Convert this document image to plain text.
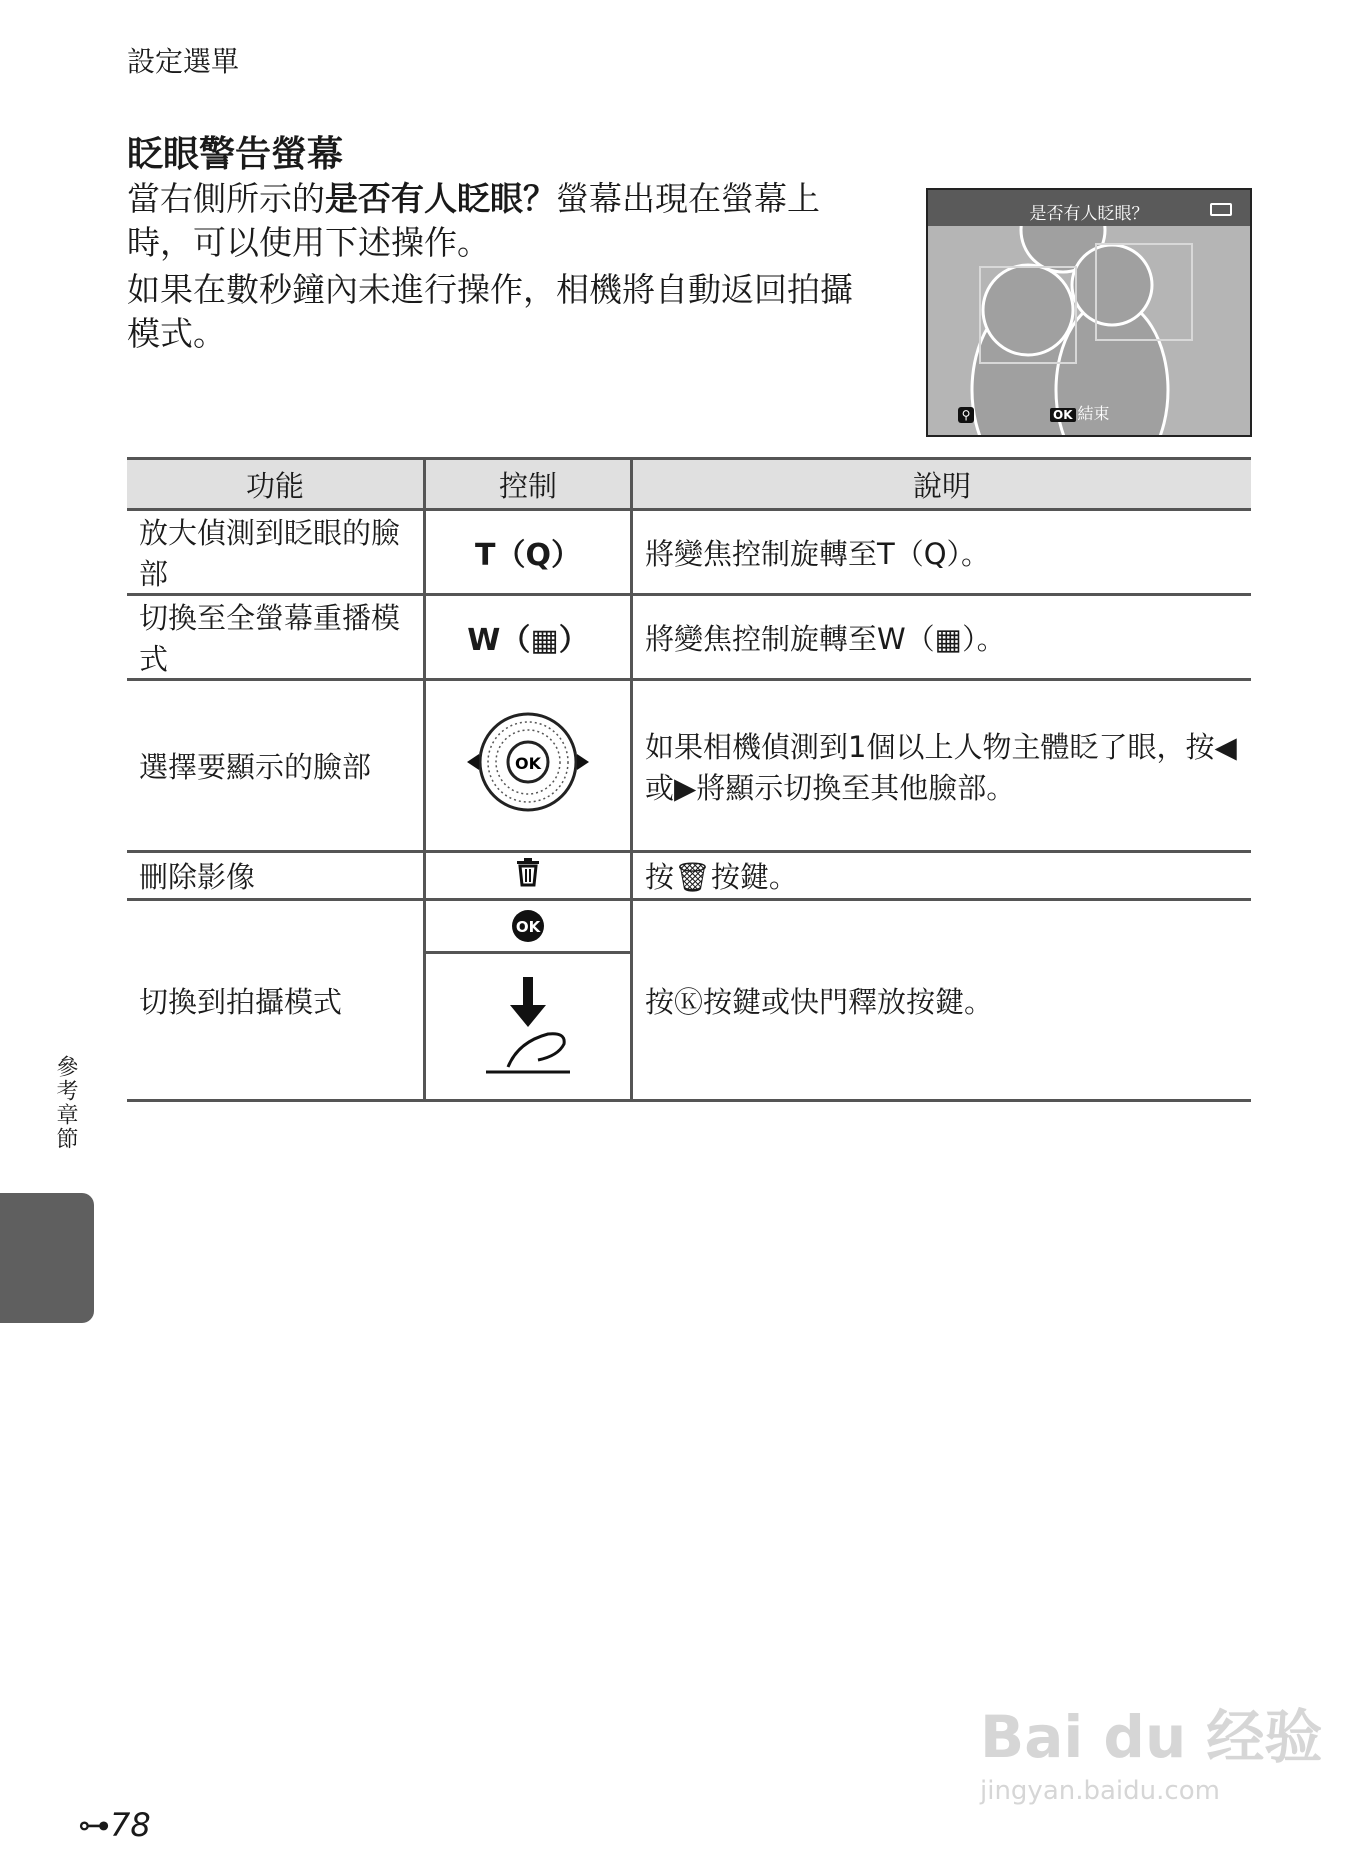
設定選單
眨眼警告螢幕
當右側所示的是否有人眨眼？螢幕出現在螢幕上時，可以使用下述操作。
如果在數秒鐘內未進行操作，相機將自動返回拍攝模式。
是否有人眨眼？
⚲	OK 結束
功能	控制	說明
放大偵測到眨眼的臉部	T（Q）	將變焦控制旋轉至T（Q）。
切換至全螢幕重播模式	W（▦）	將變焦控制旋轉至W（▦）。
選擇要顯示的臉部	OK	如果相機偵測到1個以上人物主體眨了眼，按◀或▶將顯示切換至其他臉部。
刪除影像		按🗑按鍵。
切換到拍攝模式	OK	按Ⓚ按鍵或快門釋放按鍵。
參考章節
⊶78
Bai du 经验
jingyan.baidu.com
